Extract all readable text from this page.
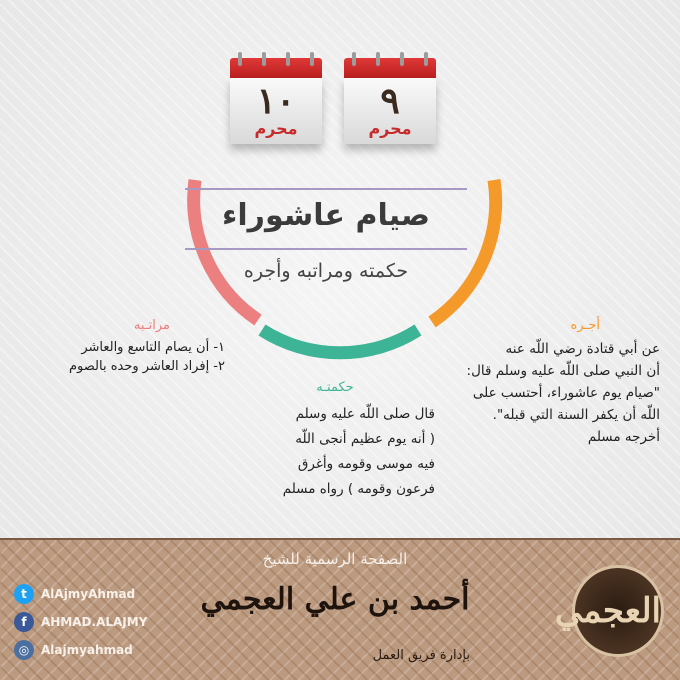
١٠
محرم
٩
محرم
صيام عاشوراء
حكمته ومراتبه وأجره
مراتـبه
١- أن يصام التاسع والعاشر
٢- إفراد العاشر وحده بالصوم
أجـره
عن أبي قتادة رضي اللّه عنه
أن النبي صلى اللّه عليه وسلم قال:
"صيام يوم عاشوراء، أحتسب على
اللّه أن يكفر السنة التي قبله".
أخرجه مسلم
حكمتـه
قال صلى اللّه عليه وسلم
( أنه يوم عظيم أنجى اللّه
فيه موسى وقومه وأغرق
فرعون وقومه ) رواه مسلم
الصفحة الرسمية للشيخ
أحمد بن علي العجمي
بإدارة فريق العمل
t	AlAjmyAhmad
f	AHMAD.ALAJMY
◎ Alajmyahmad
العجمي
